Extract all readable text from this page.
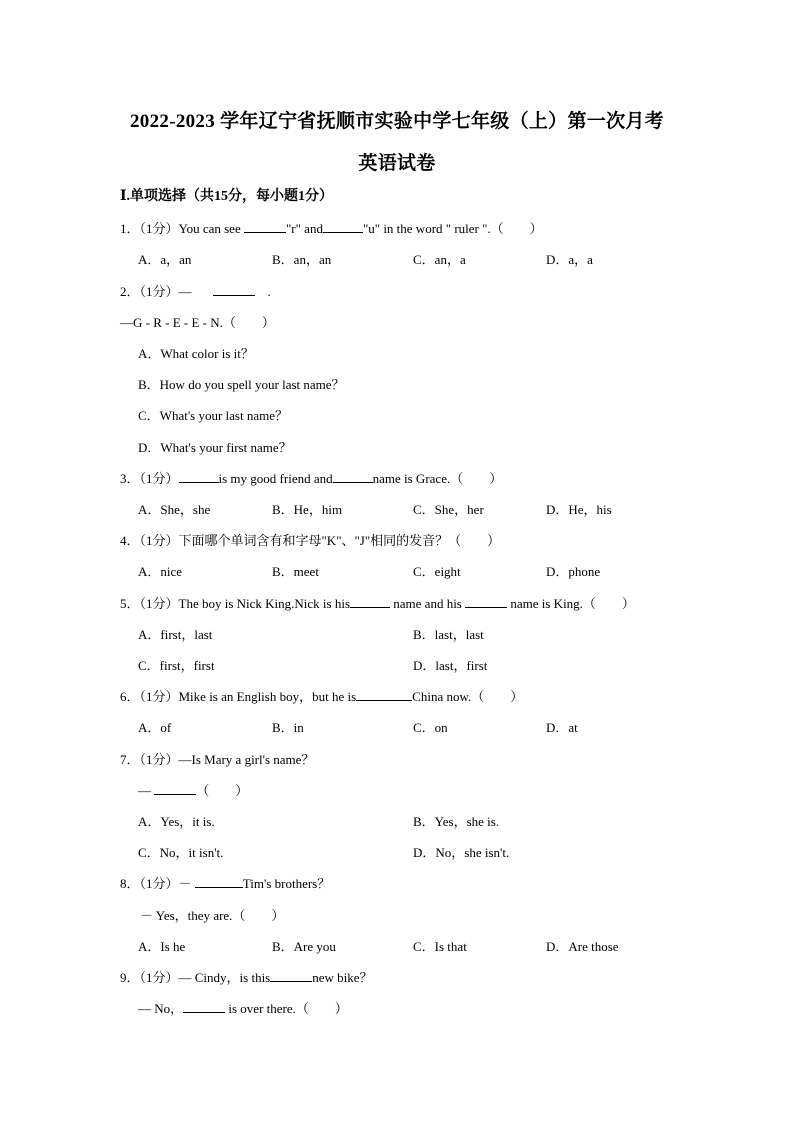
2022-2023 学年辽宁省抚顺市实验中学七年级（上）第一次月考
英语试卷
Ⅰ.单项选择（共15分，每小题1分）
1．（1分）You can see	"r" and	"u" in the word " ruler ".（　　）
A．a，an	B．an，an	C．an，a	D．a，a
2．（1分）—　	　.
—G - R - E - E - N.（　　）
A．What color is it？
B．How do you spell your last name？
C．What's your last name？
D．What's your first name？
3．（1分）	is my good friend and	name is Grace.（　　）
A．She，she	B．He，him	C．She，her	D．He，his
4．（1分）下面哪个单词含有和字母"K"、"J"相同的发音？（　　）
A．nice	B．meet	C．eight	D．phone
5．（1分）The boy is Nick King.Nick is his	name and his	name is King.（　　）
A．first，last	B．last，last
C．first，first	D．last，first
6．（1分）Mike is an English boy，but he is	China now.（　　）
A．of	B．in	C．on	D．at
7．（1分）—Is Mary a girl's name？
—	（　　）
A．Yes，it is.	B．Yes，she is.
C．No，it isn't.	D．No，she isn't.
8．（1分）－	Tim's brothers？
－ Yes，they are.（　　）
A．Is he	B．Are you	C．Is that	D．Are those
9．（1分）— Cindy，is this	new bike？
— No，	is over there.（　　）
